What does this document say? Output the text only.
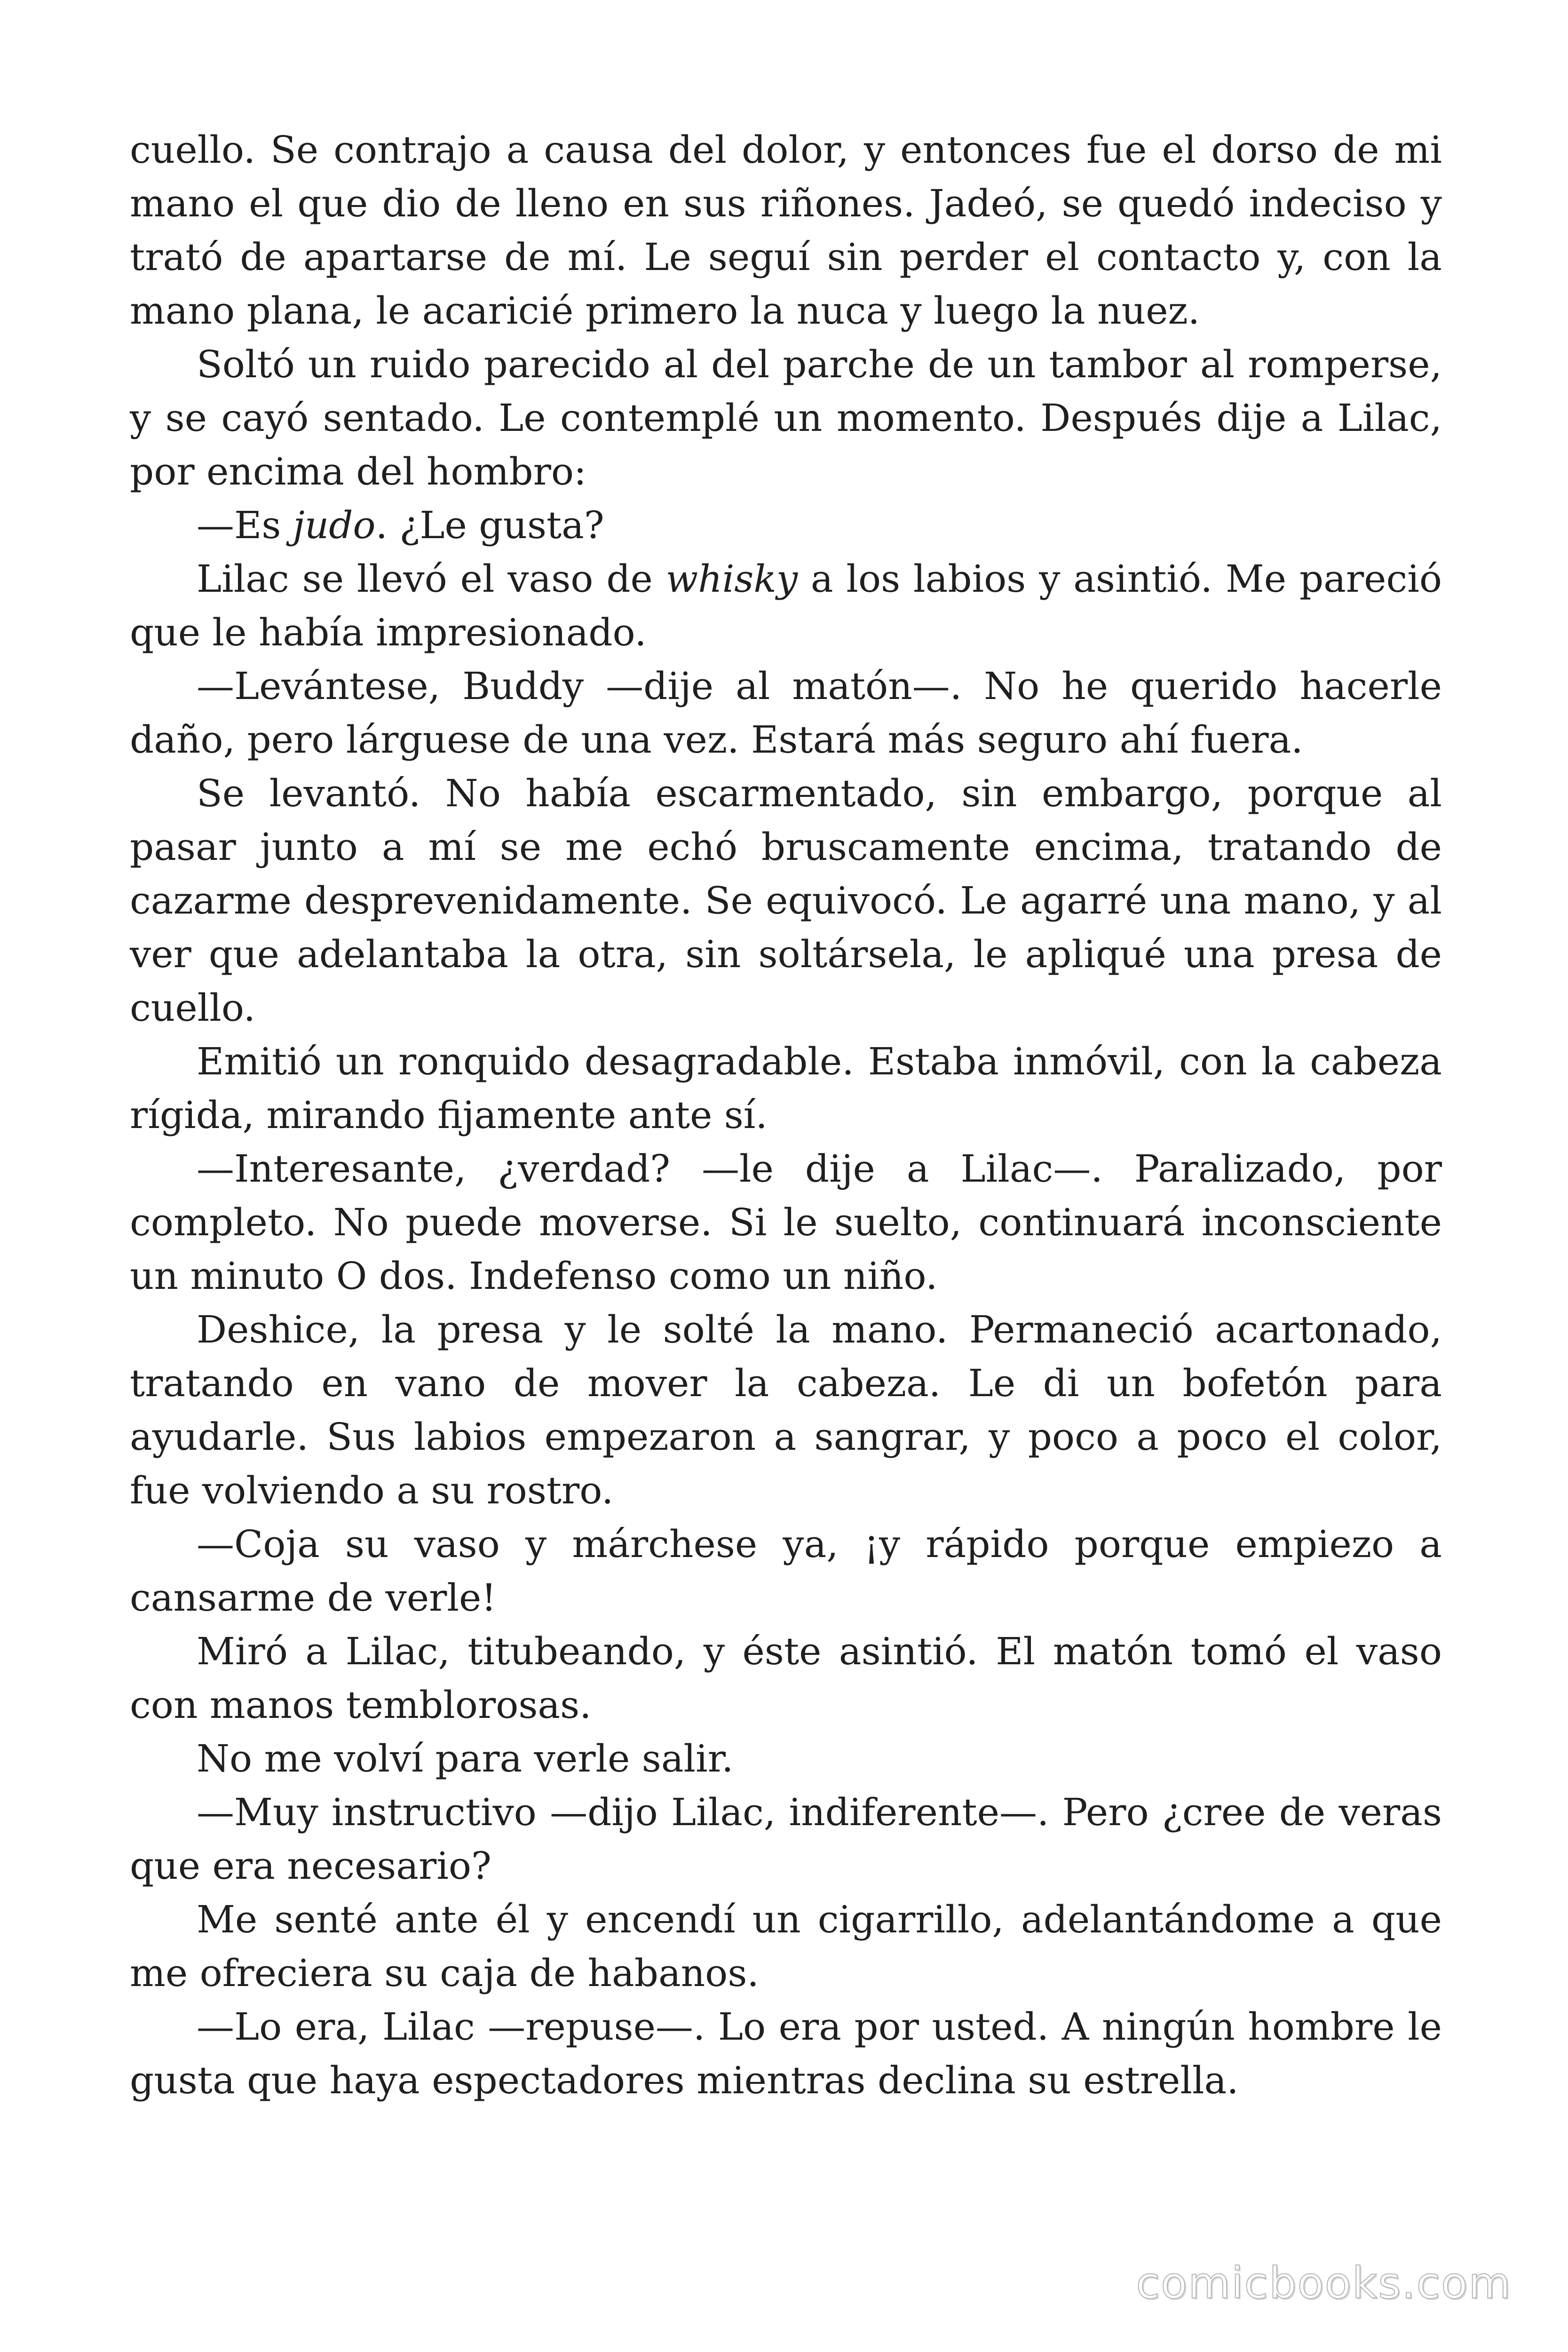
cuello. Se contrajo a causa del dolor, y entonces fue el dorso de mi mano el que dio de lleno en sus riñones. Jadeó, se quedó indeciso y trató de apartarse de mí. Le seguí sin perder el contacto y, con la mano plana, le acaricié primero la nuca y luego la nuez.

Soltó un ruido parecido al del parche de un tambor al romperse, y se cayó sentado. Le contemplé un momento. Después dije a Lilac, por encima del hombro:

—Es judo. ¿Le gusta?

Lilac se llevó el vaso de whisky a los labios y asintió. Me pareció que le había impresionado.

—Levántese, Buddy —dije al matón—. No he querido hacerle daño, pero lárguese de una vez. Estará más seguro ahí fuera.

Se levantó. No había escarmentado, sin embargo, porque al pasar junto a mí se me echó bruscamente encima, tratando de cazarme desprevenidamente. Se equivocó. Le agarré una mano, y al ver que adelantaba la otra, sin soltársela, le apliqué una presa de cuello.

Emitió un ronquido desagradable. Estaba inmóvil, con la cabeza rígida, mirando fijamente ante sí.

—Interesante, ¿verdad? —le dije a Lilac—. Paralizado, por completo. No puede moverse. Si le suelto, continuará inconsciente un minuto O dos. Indefenso como un niño.

Deshice, la presa y le solté la mano. Permaneció acartonado, tratando en vano de mover la cabeza. Le di un bofetón para ayudarle. Sus labios empezaron a sangrar, y poco a poco el color, fue volviendo a su rostro.

—Coja su vaso y márchese ya, ¡y rápido porque empiezo a cansarme de verle!

Miró a Lilac, titubeando, y éste asintió. El matón tomó el vaso con manos temblorosas.

No me volví para verle salir.

—Muy instructivo —dijo Lilac, indiferente—. Pero ¿cree de veras que era necesario?

Me senté ante él y encendí un cigarrillo, adelantándome a que me ofreciera su caja de habanos.

—Lo era, Lilac —repuse—. Lo era por usted. A ningún hombre le gusta que haya espectadores mientras declina su estrella.

comicbooks.com
